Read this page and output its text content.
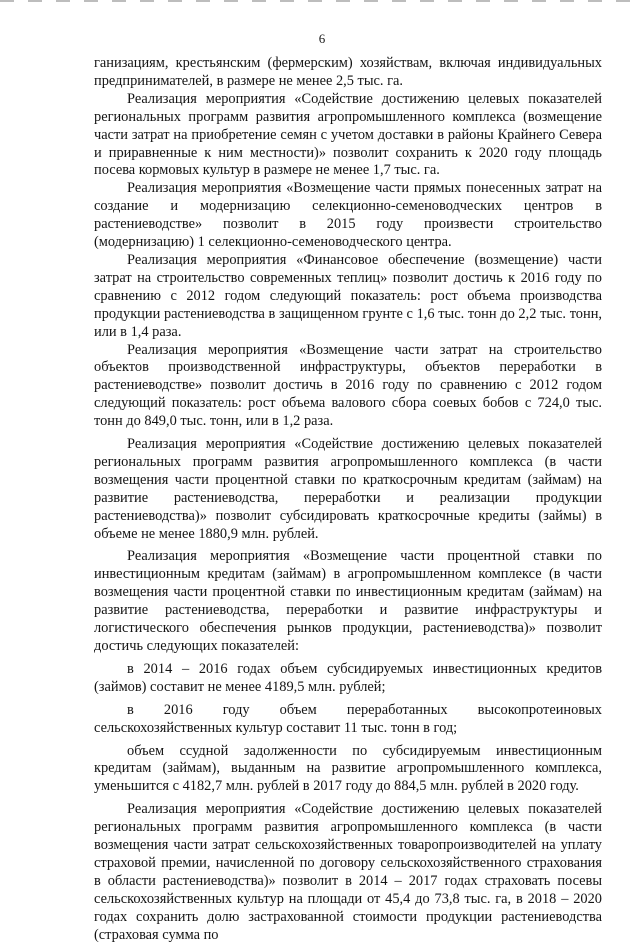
6

ганизациям, крестьянским (фермерским) хозяйствам, включая индивидуальных предпринимателей, в размере не менее 2,5 тыс. га.

Реализация мероприятия «Содействие достижению целевых показателей региональных программ развития агропромышленного комплекса (возмещение части затрат на приобретение семян с учетом доставки в районы Крайнего Севера и приравненные к ним местности)» позволит сохранить к 2020 году площадь посева кормовых культур в размере не менее 1,7 тыс. га.

Реализация мероприятия «Возмещение части прямых понесенных затрат на создание и модернизацию селекционно-семеноводческих центров в растениеводстве» позволит в 2015 году произвести строительство (модернизацию) 1 селекционно-семеноводческого центра.

Реализация мероприятия «Финансовое обеспечение (возмещение) части затрат на строительство современных теплиц» позволит достичь к 2016 году по сравнению с 2012 годом следующий показатель: рост объема производства продукции растениеводства в защищенном грунте с 1,6 тыс. тонн до 2,2 тыс. тонн, или в 1,4 раза.

Реализация мероприятия «Возмещение части затрат на строительство объектов производственной инфраструктуры, объектов переработки в растениеводстве» позволит достичь в 2016 году по сравнению с 2012 годом следующий показатель: рост объема валового сбора соевых бобов с 724,0 тыс. тонн до 849,0 тыс. тонн, или в 1,2 раза.

Реализация мероприятия «Содействие достижению целевых показателей региональных программ развития агропромышленного комплекса (в части возмещения части процентной ставки по краткосрочным кредитам (займам) на развитие растениеводства, переработки и реализации продукции растениеводства)» позволит субсидировать краткосрочные кредиты (займы) в объеме не менее 1880,9 млн. рублей.

Реализация мероприятия «Возмещение части процентной ставки по инвестиционным кредитам (займам) в агропромышленном комплексе (в части возмещения части процентной ставки по инвестиционным кредитам (займам) на развитие растениеводства, переработки и развитие инфраструктуры и логистического обеспечения рынков продукции, растениеводства)» позволит достичь следующих показателей:

в 2014 – 2016 годах объем субсидируемых инвестиционных кредитов (займов) составит не менее 4189,5 млн. рублей;

в 2016 году объем переработанных высокопротеиновых сельскохозяйственных культур составит 11 тыс. тонн в год;

объем ссудной задолженности по субсидируемым инвестиционным кредитам (займам), выданным на развитие агропромышленного комплекса, уменьшится с 4182,7 млн. рублей в 2017 году до 884,5 млн. рублей в 2020 году.

Реализация мероприятия «Содействие достижению целевых показателей региональных программ развития агропромышленного комплекса (в части возмещения части затрат сельскохозяйственных товаропроизводителей на уплату страховой премии, начисленной по договору сельскохозяйственного страхования в области растениеводства)» позволит в 2014 – 2017 годах страховать посевы сельскохозяйственных культур на площади от 45,4 до 73,8 тыс. га, в 2018 – 2020 годах сохранить долю застрахованной стоимости продукции растениеводства (страховая сумма по
